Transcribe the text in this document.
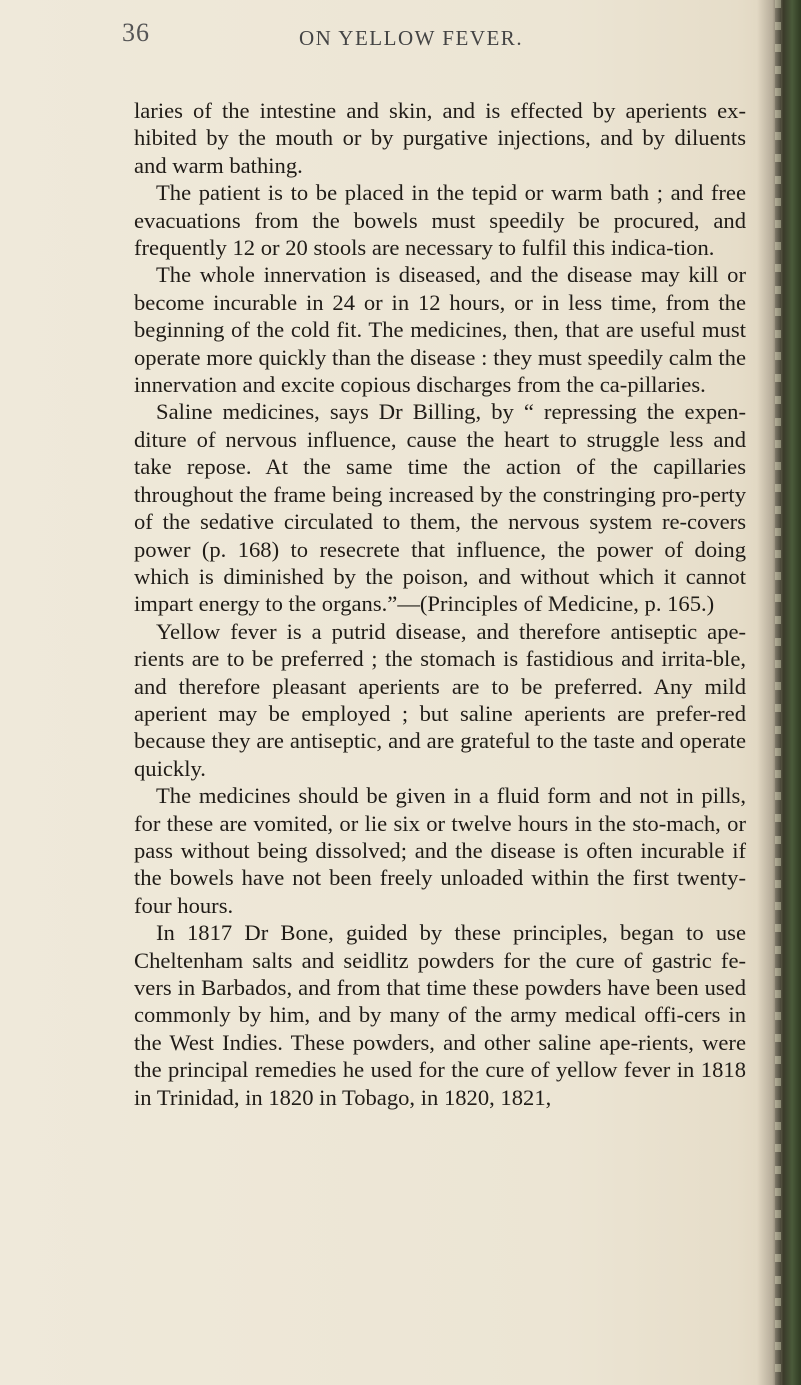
36	ON YELLOW FEVER.

laries of the intestine and skin, and is effected by aperients ex-hibited by the mouth or by purgative injections, and by diluents and warm bathing.

The patient is to be placed in the tepid or warm bath ; and free evacuations from the bowels must speedily be procured, and frequently 12 or 20 stools are necessary to fulfil this indica-tion.

The whole innervation is diseased, and the disease may kill or become incurable in 24 or in 12 hours, or in less time, from the beginning of the cold fit. The medicines, then, that are useful must operate more quickly than the disease : they must speedily calm the innervation and excite copious discharges from the ca-pillaries.

Saline medicines, says Dr Billing, by “ repressing the expen-diture of nervous influence, cause the heart to struggle less and take repose. At the same time the action of the capillaries throughout the frame being increased by the constringing pro-perty of the sedative circulated to them, the nervous system re-covers power (p. 168) to resecrete that influence, the power of doing which is diminished by the poison, and without which it cannot impart energy to the organs.”—(Principles of Medicine, p. 165.)

Yellow fever is a putrid disease, and therefore antiseptic ape-rients are to be preferred ; the stomach is fastidious and irrita-ble, and therefore pleasant aperients are to be preferred. Any mild aperient may be employed ; but saline aperients are prefer-red because they are antiseptic, and are grateful to the taste and operate quickly.

The medicines should be given in a fluid form and not in pills, for these are vomited, or lie six or twelve hours in the sto-mach, or pass without being dissolved; and the disease is often incurable if the bowels have not been freely unloaded within the first twenty-four hours.

In 1817 Dr Bone, guided by these principles, began to use Cheltenham salts and seidlitz powders for the cure of gastric fe-vers in Barbados, and from that time these powders have been used commonly by him, and by many of the army medical offi-cers in the West Indies. These powders, and other saline ape-rients, were the principal remedies he used for the cure of yellow fever in 1818 in Trinidad, in 1820 in Tobago, in 1820, 1821,
